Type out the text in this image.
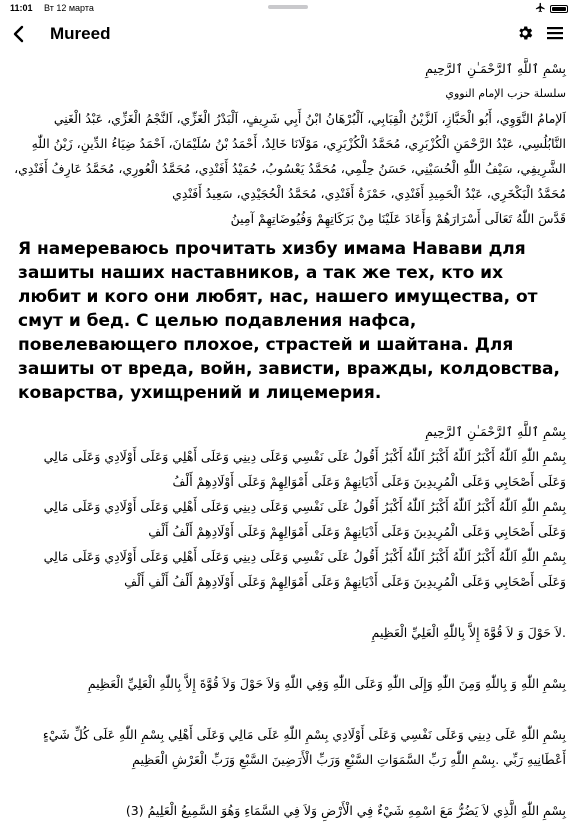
11:01 Вт 12 марта
Mureed

بِسْمِ ٱللَّهِ ٱلرَّحْمَـٰنِ ٱلرَّحِيمِ

سلسلة حزب الإمام النووي

اَلإمامُ النَّوَوِي، أَبُو الْحَبَّازِ، اَلزَّيْنُ الْقِبَابِي، اَلْبُرْهَانُ ابْنُ أَبِي شَرِيفٍ، اَلْبَدْرُ الْغَزِّي، اَلنَّجْمُ الْغَزِّي، عَبْدُ الْغَنِي النَّابُلُسِي، عَبْدُ الرَّحْمَنِ الْكُزْبَرِي، مُحَمَّدُ الْكُزْبَرِي، مَوْلَانَا خَالِدٌ، أَحْمَدُ بْنُ سُلَيْمَانَ، اَحْمَدُ ضِيَاءُ الدِّينِ، زَيْنُ اللّٰهِ الشَّرِيفِي، سَيْفُ اللّٰهِ الْحُسَيْنِي، حَسَنُ حِلْمِي، مُحَمَّدُ يَعْسُوبُ، حُمَيْدُ أَفَنْدِي، مُحَمَّدُ الْعُورِي، مُحَمَّدُ عَارِفُ أَفَنْدِي، مُحَمَّدُ الْبَكْخَرِي، عَبْدُ الْحَمِيدِ أَفَنْدِي، حَمْزَةُ أَفَنْدِي، مُحَمَّدُ الْحُجَيْدِي، سَعِيدُ أَفَنْدِي

قَدَّسَ اللّٰهُ تَعَالَى أَسْرَارَهُمْ وَأَعَادَ عَلَيْنَا مِنْ بَرَكَاتِهِمْ وَفُيُوضَاتِهِمْ آمِينُ

Я намереваюсь прочитать хизбу имама Навави для зашиты наших наставников, а так же тех, кто их любит и кого они любят, нас, нашего имущества, от смут и бед. С целью подавления нафса, повелевающего плохое, страстей и шайтана. Для зашиты от вреда, войн, зависти, вражды, колдовства, коварства, ухищрений и лицемерия.

بِسْمِ ٱللَّهِ ٱلرَّحْمَـٰنِ ٱلرَّحِيمِ

بِسْمِ اللّٰهِ اَللّٰهُ أَكْبَرُ اَللّٰهُ أَكْبَرُ اَللّٰهُ أَكْبَرُ أَقُولُ عَلَى نَفْسِي وَعَلَى دِينِي وَعَلَى أَهْلِي وَعَلَى أَوْلَادِي وَعَلَى مَالِي وَعَلَى أَصْحَابِي وَعَلَى الْمُرِيدِينَ وَعَلَى أَدْيَانِهِمْ وَعَلَى أَمْوَالِهِمْ وَعَلَى أَوْلَادِهِمْ أَلْفُ

بِسْمِ اللّٰهِ اَللّٰهُ أَكْبَرُ اَللّٰهُ أَكْبَرُ اَللّٰهُ أَكْبَرُ أَقُولُ عَلَى نَفْسِي وَعَلَى دِينِي وَعَلَى أَهْلِي وَعَلَى أَوْلَادِي وَعَلَى مَالِي وَعَلَى أَصْحَابِي وَعَلَى الْمُرِيدِينَ وَعَلَى أَدْيَانِهِمْ وَعَلَى أَمْوَالِهِمْ وَعَلَى أَوْلَادِهِمْ أَلْفُ أَلْفِ

بِسْمِ اللّٰهِ اَللّٰهُ أَكْبَرُ اَللّٰهُ أَكْبَرُ اَللّٰهُ أَكْبَرُ أَقُولُ عَلَى نَفْسِي وَعَلَى دِينِي وَعَلَى أَهْلِي وَعَلَى أَوْلَادِي وَعَلَى مَالِي وَعَلَى أَصْحَابِي وَعَلَى الْمُرِيدِينَ وَعَلَى أَدْيَانِهِمْ وَعَلَى أَمْوَالِهِمْ وَعَلَى أَوْلَادِهِمْ أَلْفُ أَلْفِ أَلْفِ

.لاَ حَوْلَ وَ لاَ قُوَّةَ إِلاَّ بِاللّٰهِ الْعَلِيِّ الْعَظِيمِ

بِسْمِ اللّٰهِ وَ بِاللّٰهِ وَمِنَ اللّٰهِ وَإِلَى اللّٰهِ وَعَلَى اللّٰهِ وَفِي اللّٰهِ وَلاَ حَوْلَ وَلاَ قُوَّةَ إِلاَّ بِاللّٰهِ الْعَلِيِّ الْعَظِيمِ

بِسْمِ اللّٰهِ عَلَى دِينِي وَعَلَى نَفْسِي وَعَلَى أَوْلَادِي بِسْمِ اللّٰهِ عَلَى مَالِي وَعَلَى أَهْلِي بِسْمِ اللّٰهِ عَلَى كُلِّ شَيْءٍ أَعْطَانِيهِ رَبِّي .بِسْمِ اللّٰهِ رَبِّ السَّمَوَاتِ السَّبْعِ وَرَبِّ الْأَرَضِينَ السَّبْعِ وَرَبِّ الْعَرْشِ الْعَظِيمِ

بِسْمِ اللّٰهِ الَّذِي لاَ يَضُرُّ مَعَ اسْمِهِ شَيْءٌ فِي الْأَرْضِ وَلاَ فِي السَّمَاءِ وَهُوَ السَّمِيعُ الْعَلِيمُ (3)
